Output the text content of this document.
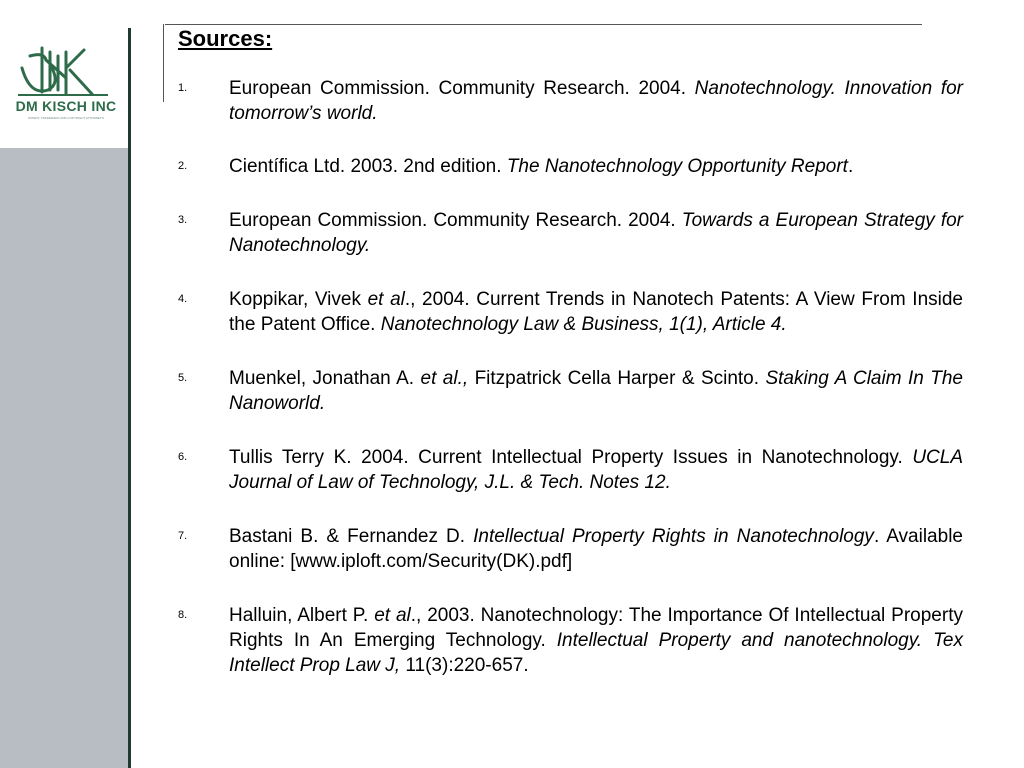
DM KISCH INC
PATENT, TRADEMARK AND COPYRIGHT ATTORNEYS
Sources:
1. European Commission. Community Research. 2004. Nanotechnology. Innovation for tomorrow’s world.
2. Científica Ltd. 2003. 2nd edition. The Nanotechnology Opportunity Report.
3. European Commission. Community Research. 2004. Towards a European Strategy for Nanotechnology.
4. Koppikar, Vivek et al., 2004. Current Trends in Nanotech Patents: A View From Inside the Patent Office. Nanotechnology Law & Business, 1(1), Article 4.
5. Muenkel, Jonathan A. et al., Fitzpatrick Cella Harper & Scinto. Staking A Claim In The Nanoworld.
6. Tullis Terry K. 2004. Current Intellectual Property Issues in Nanotechnology. UCLA Journal of Law of Technology, J.L. & Tech. Notes 12.
7. Bastani B. & Fernandez D. Intellectual Property Rights in Nanotechnology. Available online: [www.iploft.com/Security(DK).pdf]
8. Halluin, Albert P. et al., 2003. Nanotechnology: The Importance Of Intellectual Property Rights In An Emerging Technology. Intellectual Property and nanotechnology. Tex Intellect Prop Law J, 11(3):220-657.
